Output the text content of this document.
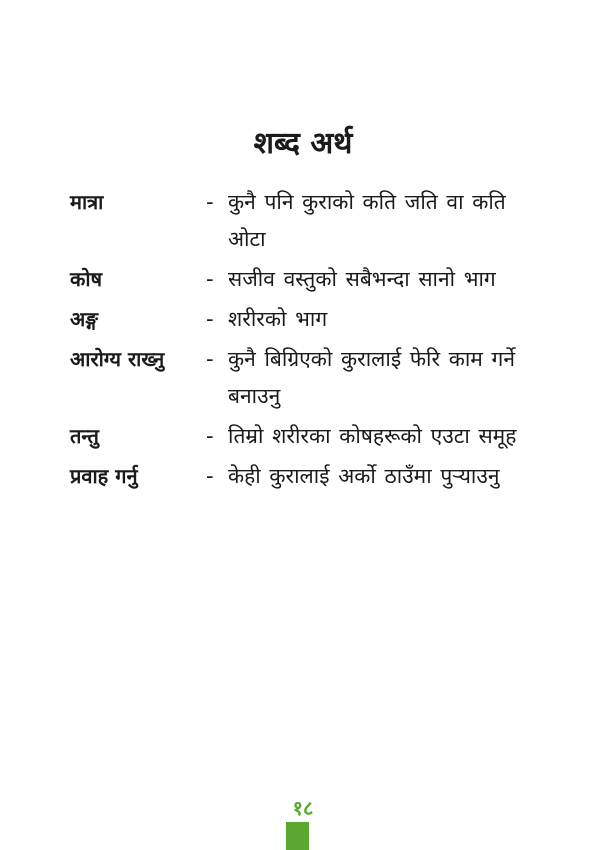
शब्द अर्थ
मात्रा	- कुनै पनि कुराको कति जति वा कति ओटा
कोष	- सजीव वस्तुको सबैभन्दा सानो भाग
अङ्ग	- शरीरको भाग
आरोग्य राख्नु	- कुनै बिग्रिएको कुरालाई फेरि काम गर्ने बनाउनु
तन्तु	- तिम्रो शरीरका कोषहरूको एउटा समूह
प्रवाह गर्नु	- केही कुरालाई अर्को ठाउँमा पुऱ्याउनु
१८
